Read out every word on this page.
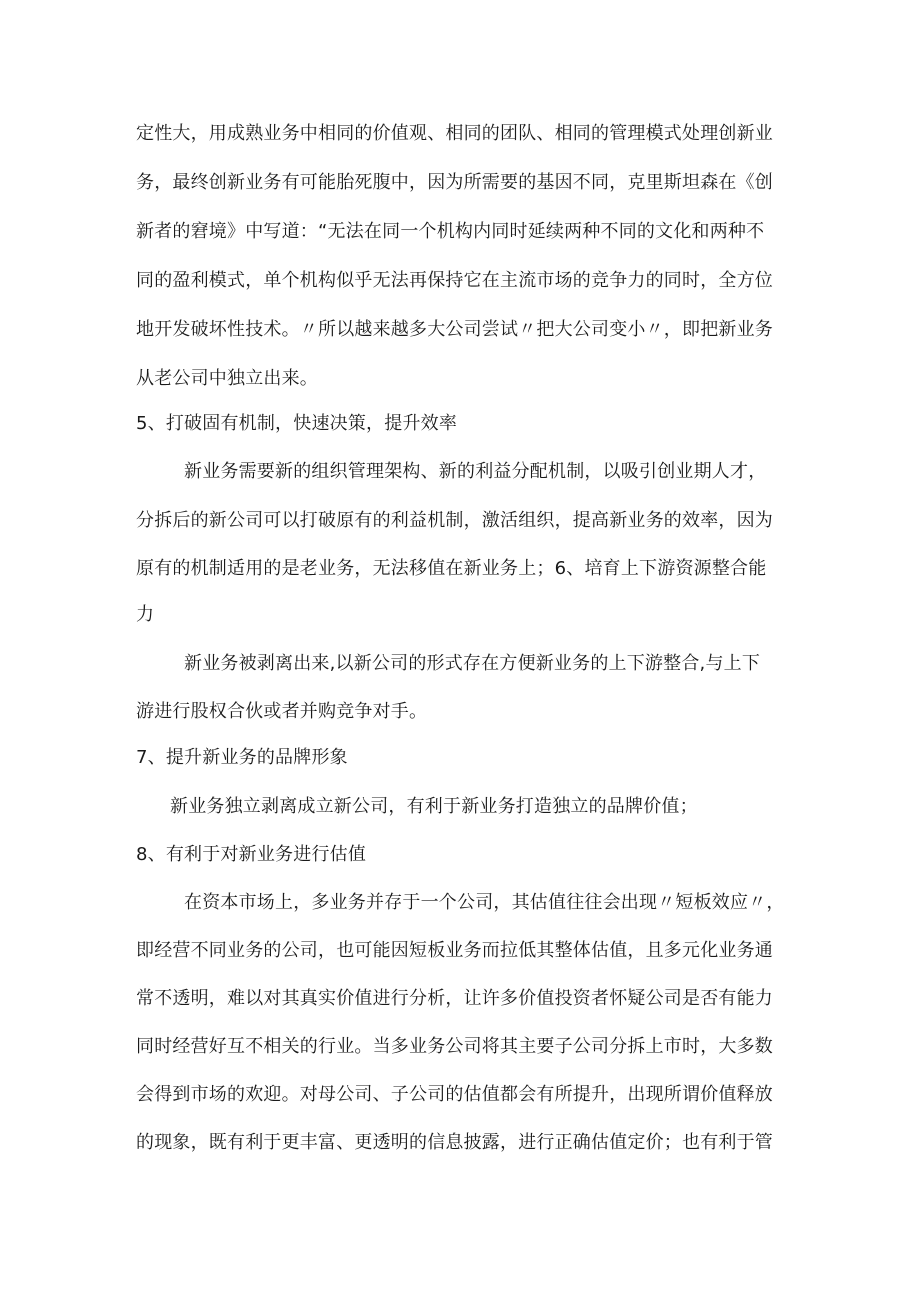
定性大，用成熟业务中相同的价值观、相同的团队、相同的管理模式处理创新业
务，最终创新业务有可能胎死腹中，因为所需要的基因不同，克里斯坦森在《创
新者的窘境》中写道：“无法在同一个机构内同时延续两种不同的文化和两种不
同的盈利模式，单个机构似乎无法再保持它在主流市场的竞争力的同时，全方位
地开发破坏性技术。〃所以越来越多大公司尝试〃把大公司变小〃，即把新业务
从老公司中独立出来。
5、打破固有机制，快速决策，提升效率
新业务需要新的组织管理架构、新的利益分配机制，以吸引创业期人才，
分拆后的新公司可以打破原有的利益机制，激活组织，提高新业务的效率，因为
原有的机制适用的是老业务，无法移值在新业务上；6、培育上下游资源整合能
力
新业务被剥离出来,以新公司的形式存在方便新业务的上下游整合,与上下
游进行股权合伙或者并购竞争对手。
7、提升新业务的品牌形象
新业务独立剥离成立新公司，有利于新业务打造独立的品牌价值；
8、有利于对新业务进行估值
在资本市场上，多业务并存于一个公司，其估值往往会出现〃短板效应〃，
即经营不同业务的公司，也可能因短板业务而拉低其整体估值，且多元化业务通
常不透明，难以对其真实价值进行分析，让许多价值投资者怀疑公司是否有能力
同时经营好互不相关的行业。当多业务公司将其主要子公司分拆上市时，大多数
会得到市场的欢迎。对母公司、子公司的估值都会有所提升，出现所谓价值释放
的现象，既有利于更丰富、更透明的信息披露，进行正确估值定价；也有利于管
